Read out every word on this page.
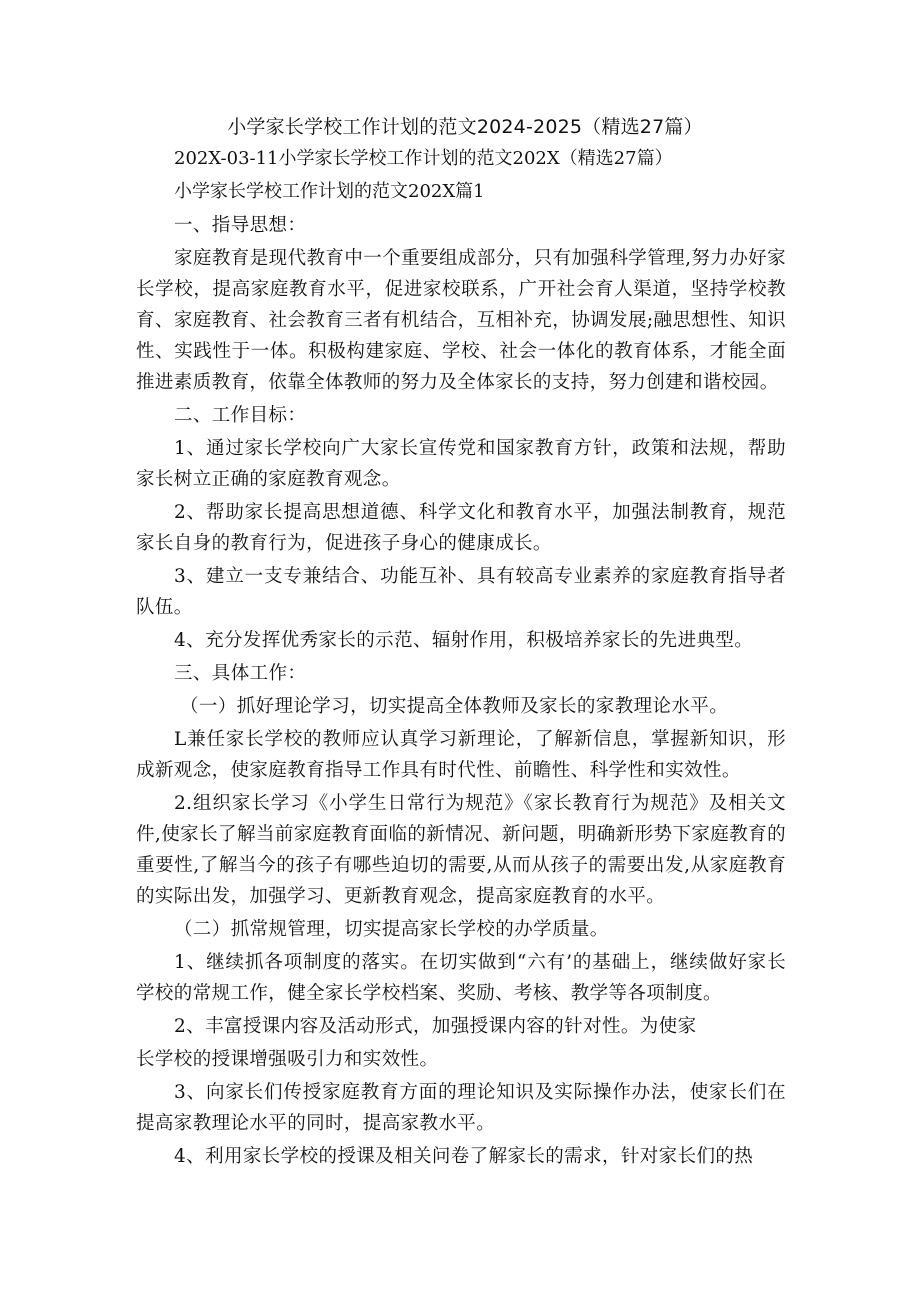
小学家长学校工作计划的范文2024-2025（精选27篇）
202X-03-11小学家长学校工作计划的范文202X（精选27篇）
小学家长学校工作计划的范文202X篇1

一、指导思想：

家庭教育是现代教育中一个重要组成部分，只有加强科学管理,努力办好家长学校，提高家庭教育水平，促进家校联系，广开社会育人渠道，坚持学校教育、家庭教育、社会教育三者有机结合，互相补充，协调发展;融思想性、知识性、实践性于一体。积极构建家庭、学校、社会一体化的教育体系，才能全面推进素质教育，依靠全体教师的努力及全体家长的支持，努力创建和谐校园。

二、工作目标：

1、通过家长学校向广大家长宣传党和国家教育方针，政策和法规，帮助家长树立正确的家庭教育观念。

2、帮助家长提高思想道德、科学文化和教育水平，加强法制教育，规范家长自身的教育行为，促进孩子身心的健康成长。

3、建立一支专兼结合、功能互补、具有较高专业素养的家庭教育指导者队伍。

4、充分发挥优秀家长的示范、辐射作用，积极培养家长的先进典型。

三、具体工作：

（一）抓好理论学习，切实提高全体教师及家长的家教理论水平。

L兼任家长学校的教师应认真学习新理论，了解新信息，掌握新知识，形成新观念，使家庭教育指导工作具有时代性、前瞻性、科学性和实效性。

2.组织家长学习《小学生日常行为规范》《家长教育行为规范》及相关文件,使家长了解当前家庭教育面临的新情况、新问题，明确新形势下家庭教育的重要性,了解当今的孩子有哪些迫切的需要,从而从孩子的需要出发,从家庭教育的实际出发，加强学习、更新教育观念，提高家庭教育的水平。

（二）抓常规管理，切实提高家长学校的办学质量。

1、继续抓各项制度的落实。在切实做到“六有’的基础上，继续做好家长学校的常规工作，健全家长学校档案、奖励、考核、教学等各项制度。

2、丰富授课内容及活动形式，加强授课内容的针对性。为使家

长学校的授课增强吸引力和实效性。

3、向家长们传授家庭教育方面的理论知识及实际操作办法，使家长们在提高家教理论水平的同时，提高家教水平。

4、利用家长学校的授课及相关问卷了解家长的需求，针对家长们的热
